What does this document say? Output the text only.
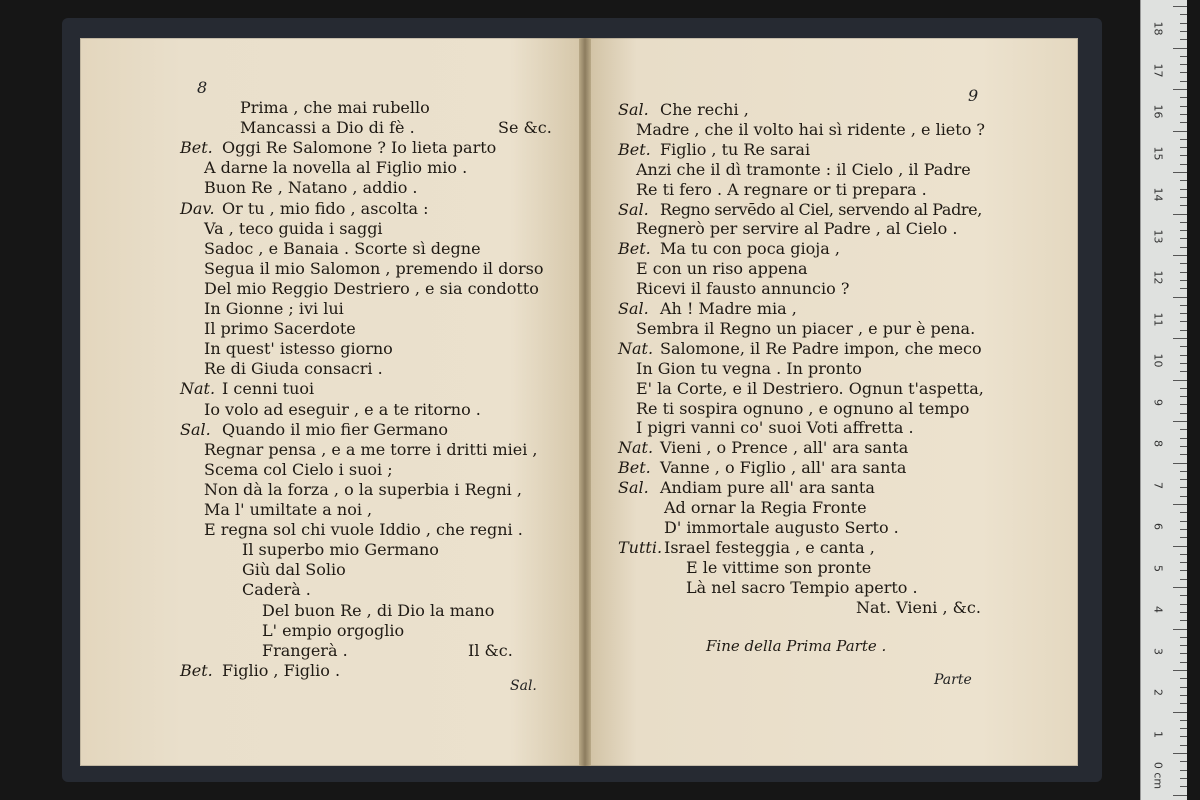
8	9
Prima , che mai rubello
Mancassi a Dio di fè .	Se &c.
Bet. Oggi Re Salomone ? Io lieta parto
A darne la novella al Figlio mio .
Buon Re , Natano , addio .
Dav. Or tu , mio fido , ascolta :
Va , teco guida i saggi
Sadoc , e Banaia . Scorte sì degne
Segua il mio Salomon , premendo il dorso
Del mio Reggio Destriero , e sia condotto
In Gionne ; ivi lui
Il primo Sacerdote
In quest' istesso giorno
Re di Giuda consacri .
Nat. I cenni tuoi
Io volo ad eseguir , e a te ritorno .
Sal. Quando il mio fier Germano
Regnar pensa , e a me torre i dritti miei ,
Scema col Cielo i suoi ;
Non dà la forza , o la superbia i Regni ,
Ma l' umiltate a noi ,
E regna sol chi vuole Iddio , che regni .
Il superbo mio Germano
Giù dal Solio
Caderà .
Del buon Re , di Dio la mano
L' empio orgoglio
Frangerà .	Il &c.
Bet. Figlio , Figlio .
Sal. Che rechi ,
Madre , che il volto hai sì ridente , e lieto ?
Bet. Figlio , tu Re sarai
Anzi che il dì tramonte : il Cielo , il Padre
Re ti fero . A regnare or ti prepara .
Sal. Regno servēdo al Ciel, servendo al Padre,
Regnerò per servire al Padre , al Cielo .
Bet. Ma tu con poca gioja ,
E con un riso appena
Ricevi il fausto annuncio ?
Sal. Ah ! Madre mia ,
Sembra il Regno un piacer , e pur è pena.
Nat. Salomone, il Re Padre impon, che meco
In Gion tu vegna . In pronto
E' la Corte, e il Destriero. Ognun t'aspetta,
Re ti sospira ognuno , e ognuno al tempo
I pigri vanni co' suoi Voti affretta .
Nat. Vieni , o Prence , all' ara santa
Bet. Vanne , o Figlio , all' ara santa
Sal. Andiam pure all' ara santa
Ad ornar la Regia Fronte
D' immortale augusto Serto .
Tutti. Israel festeggia , e canta ,
E le vittime son pronte
Là nel sacro Tempio aperto .
Nat. Vieni , &c.
Sal.
Fine della Prima Parte .
Parte
18
17
16
15
14
13
12
11
10
9
8
7
6
5
4
3
2
1
0 cm
